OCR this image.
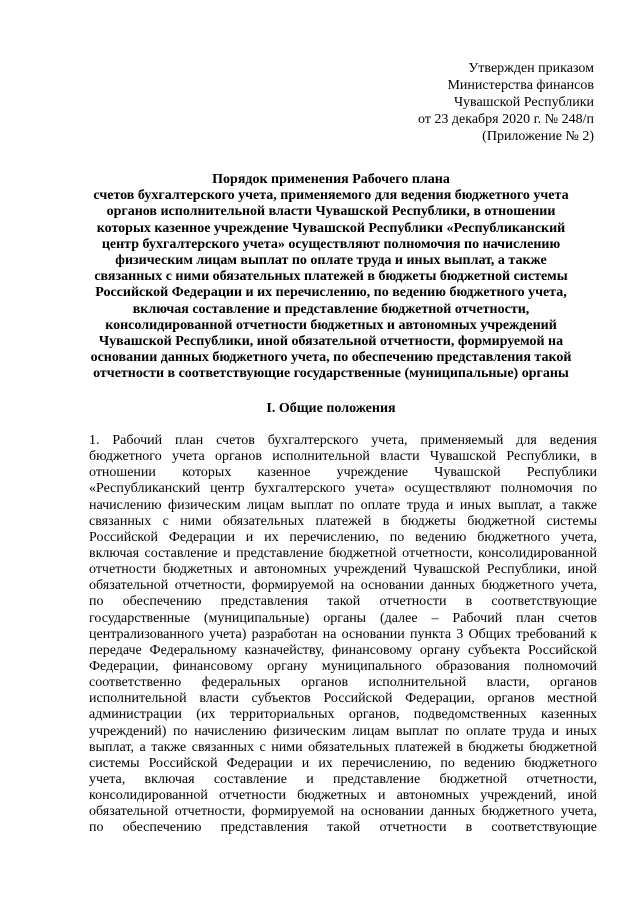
Утвержден приказом
Министерства финансов
Чувашской Республики
от 23 декабря 2020 г. № 248/п
(Приложение № 2)
Порядок применения Рабочего плана
счетов бухгалтерского учета, применяемого для ведения бюджетного учета
органов исполнительной власти Чувашской Республики, в отношении
которых казенное учреждение Чувашской Республики «Республиканский
центр бухгалтерского учета» осуществляют полномочия по начислению
физическим лицам выплат по оплате труда и иных выплат, а также
связанных с ними обязательных платежей в бюджеты бюджетной системы
Российской Федерации и их перечислению, по ведению бюджетного учета,
включая составление и представление бюджетной отчетности,
консолидированной отчетности бюджетных и автономных учреждений
Чувашской Республики, иной обязательной отчетности, формируемой на
основании данных бюджетного учета, по обеспечению представления такой
отчетности в соответствующие государственные (муниципальные) органы
I. Общие положения
1. Рабочий план счетов бухгалтерского учета, применяемый для ведения
бюджетного учета органов исполнительной власти Чувашской Республики, в
отношении которых казенное учреждение Чувашской Республики
«Республиканский центр бухгалтерского учета» осуществляют полномочия по
начислению физическим лицам выплат по оплате труда и иных выплат, а также
связанных с ними обязательных платежей в бюджеты бюджетной системы
Российской Федерации и их перечислению, по ведению бюджетного учета,
включая составление и представление бюджетной отчетности, консолидированной
отчетности бюджетных и автономных учреждений Чувашской Республики, иной
обязательной отчетности, формируемой на основании данных бюджетного учета,
по обеспечению представления такой отчетности в соответствующие
государственные (муниципальные) органы (далее – Рабочий план счетов
централизованного учета) разработан на основании пункта 3 Общих требований к
передаче Федеральному казначейству, финансовому органу субъекта Российской
Федерации, финансовому органу муниципального образования полномочий
соответственно федеральных органов исполнительной власти, органов
исполнительной власти субъектов Российской Федерации, органов местной
администрации (их территориальных органов, подведомственных казенных
учреждений) по начислению физическим лицам выплат по оплате труда и иных
выплат, а также связанных с ними обязательных платежей в бюджеты бюджетной
системы Российской Федерации и их перечислению, по ведению бюджетного
учета, включая составление и представление бюджетной отчетности,
консолидированной отчетности бюджетных и автономных учреждений, иной
обязательной отчетности, формируемой на основании данных бюджетного учета,
по обеспечению представления такой отчетности в соответствующие
